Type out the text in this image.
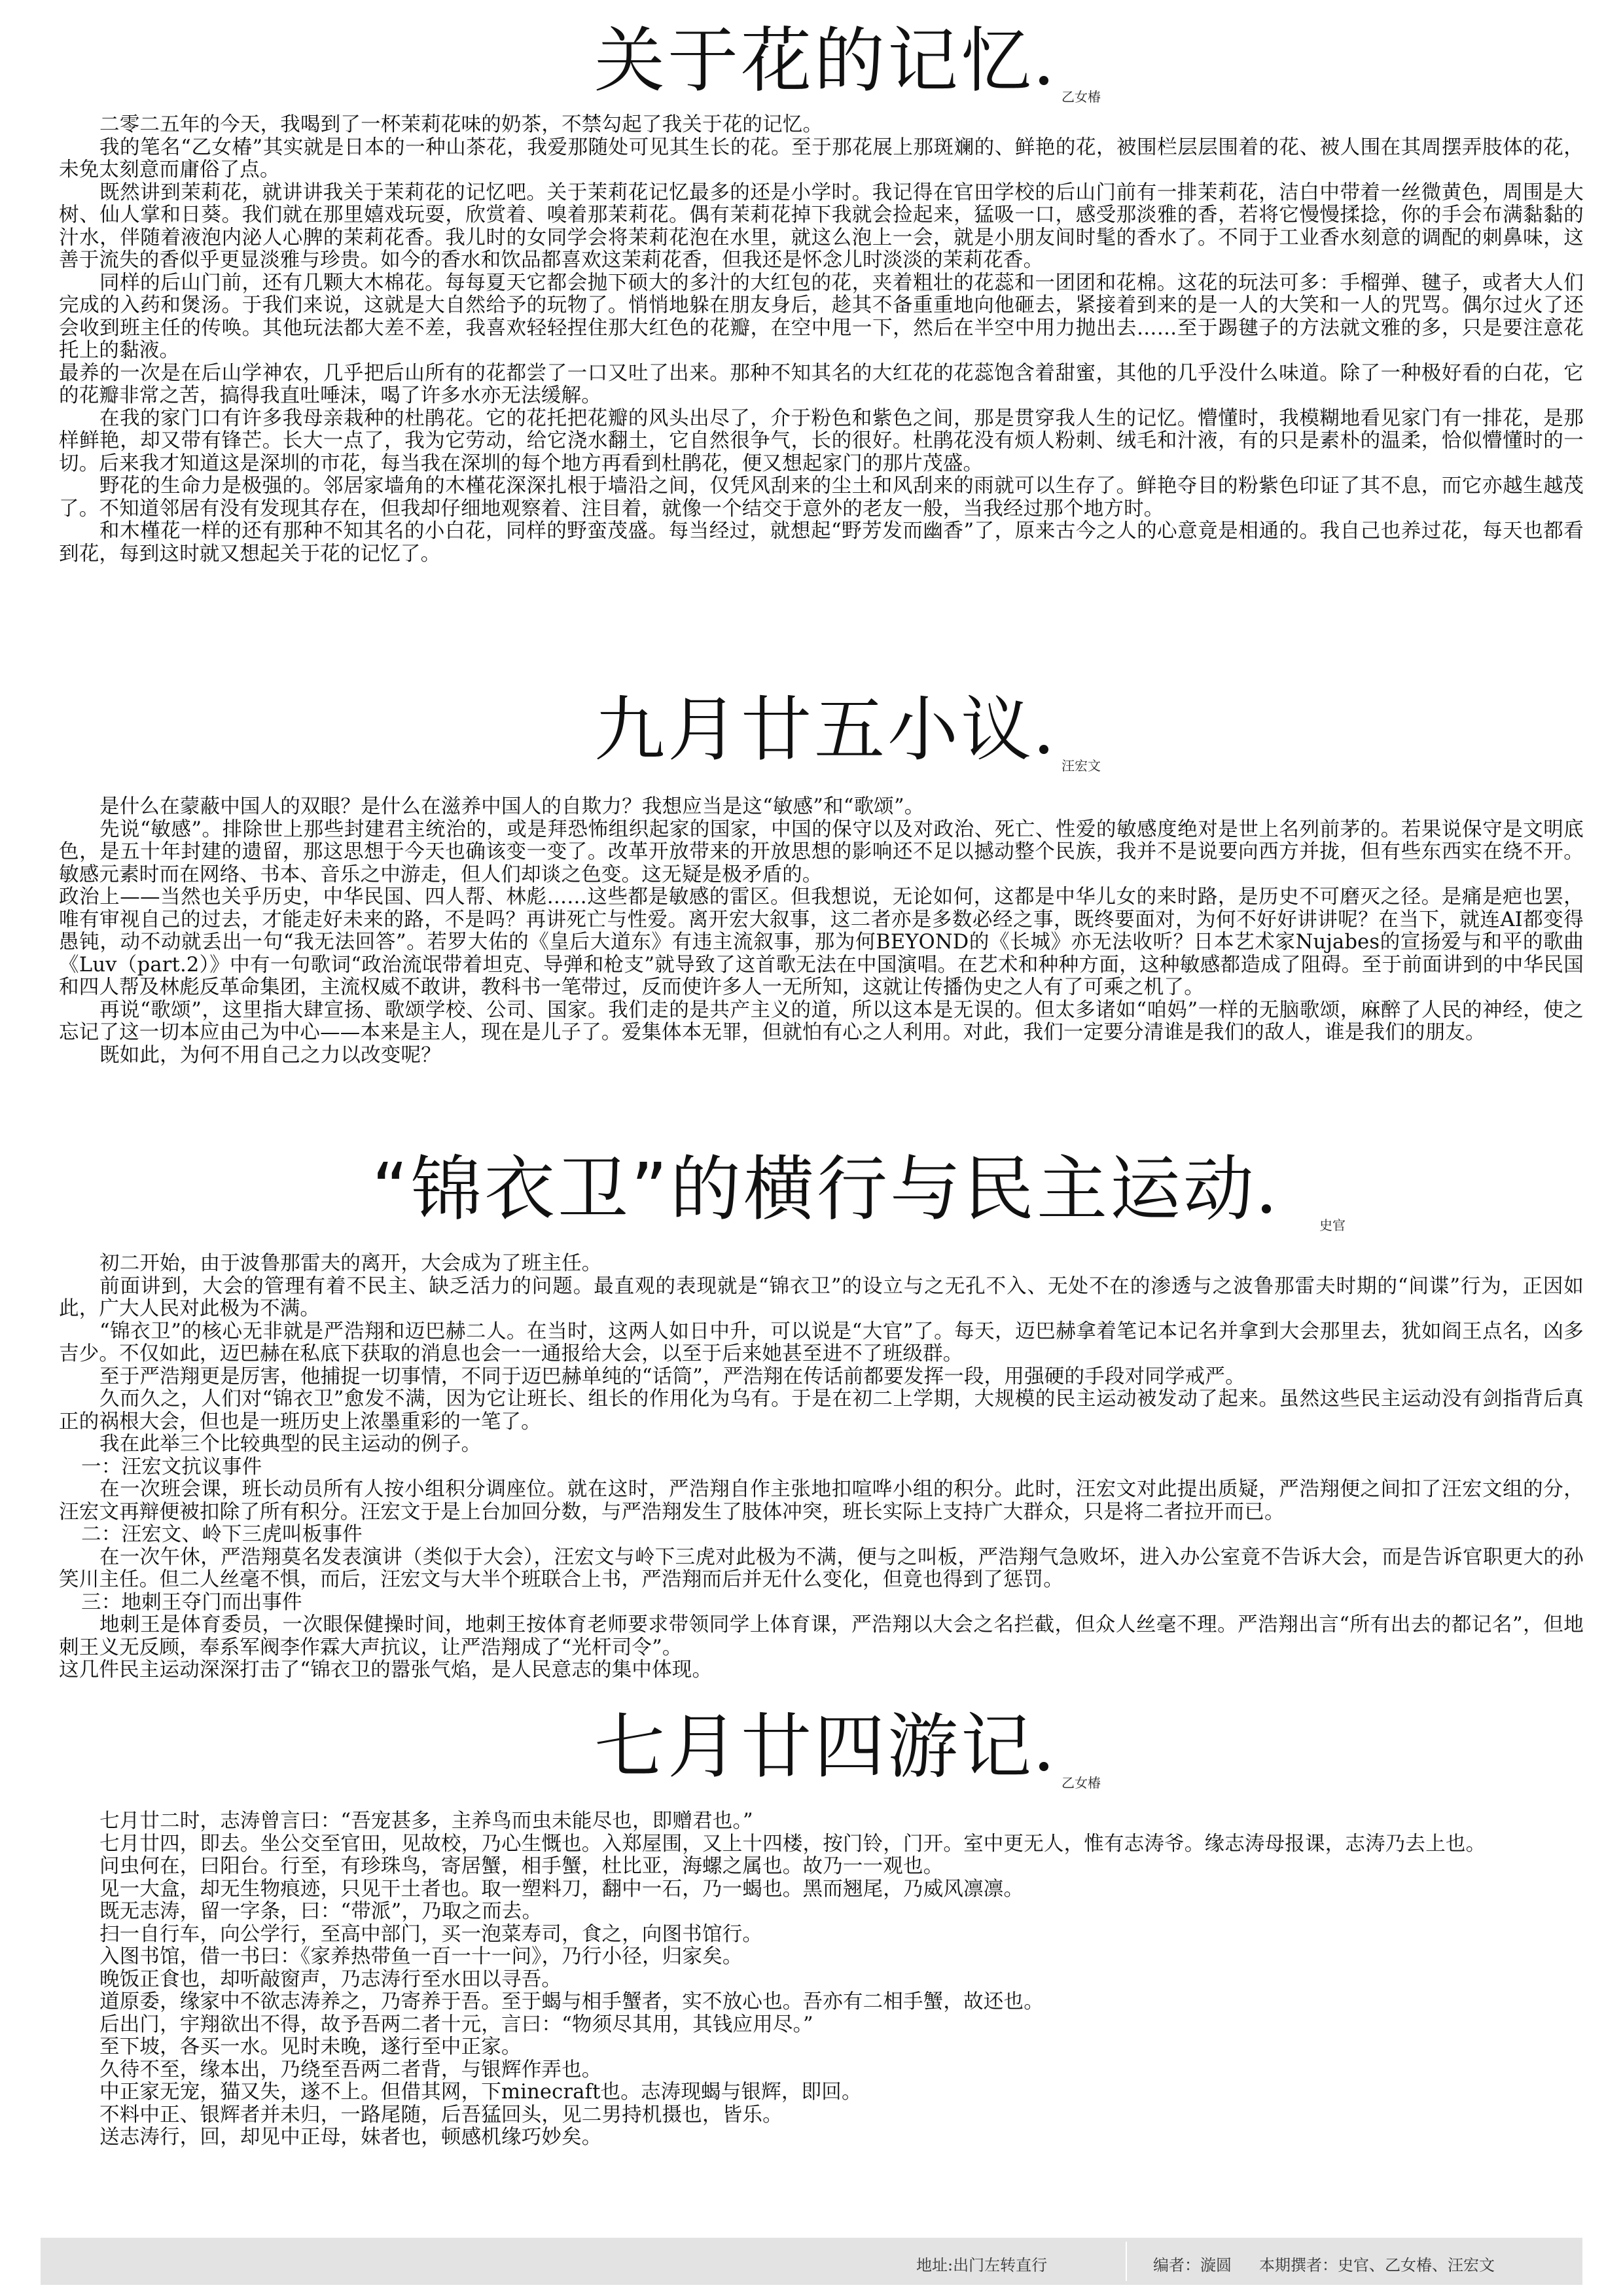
关于花的记忆 乙女椿

二零二五年的今天，我喝到了一杯茉莉花味的奶茶，不禁勾起了我关于花的记忆。

我的笔名“乙女椿”其实就是日本的一种山茶花，我爱那随处可见其生长的花。至于那花展上那斑斓的、鲜艳的花，被围栏层层围着的花、被人围在其周摆弄肢体的花，未免太刻意而庸俗了点。

既然讲到茉莉花，就讲讲我关于茉莉花的记忆吧。关于茉莉花记忆最多的还是小学时。我记得在官田学校的后山门前有一排茉莉花，洁白中带着一丝微黄色，周围是大树、仙人掌和日葵。我们就在那里嬉戏玩耍，欣赏着、嗅着那茉莉花。偶有茉莉花掉下我就会捡起来，猛吸一口，感受那淡雅的香，若将它慢慢揉捻，你的手会布满黏黏的汁水，伴随着液泡内泌人心脾的茉莉花香。我儿时的女同学会将茉莉花泡在水里，就这么泡上一会，就是小朋友间时髦的香水了。不同于工业香水刻意的调配的刺鼻味，这善于流失的香似乎更显淡雅与珍贵。如今的香水和饮品都喜欢这茉莉花香，但我还是怀念儿时淡淡的茉莉花香。

同样的后山门前，还有几颗大木棉花。每每夏天它都会抛下硕大的多汁的大红包的花，夹着粗壮的花蕊和一团团和花棉。这花的玩法可多：手榴弹、毽子，或者大人们完成的入药和煲汤。于我们来说，这就是大自然给予的玩物了。悄悄地躲在朋友身后，趁其不备重重地向他砸去，紧接着到来的是一人的大笑和一人的咒骂。偶尔过火了还会收到班主任的传唤。其他玩法都大差不差，我喜欢轻轻捏住那大红色的花瓣，在空中甩一下，然后在半空中用力抛出去……至于踢毽子的方法就文雅的多，只是要注意花托上的黏液。

最养的一次是在后山学神农，几乎把后山所有的花都尝了一口又吐了出来。那种不知其名的大红花的花蕊饱含着甜蜜，其他的几乎没什么味道。除了一种极好看的白花，它的花瓣非常之苦，搞得我直吐唾沫，喝了许多水亦无法缓解。

在我的家门口有许多我母亲栽种的杜鹃花。它的花托把花瓣的风头出尽了，介于粉色和紫色之间，那是贯穿我人生的记忆。懵懂时，我模糊地看见家门有一排花，是那样鲜艳，却又带有锋芒。长大一点了，我为它劳动，给它浇水翻土，它自然很争气，长的很好。杜鹃花没有烦人粉刺、绒毛和汁液，有的只是素朴的温柔，恰似懵懂时的一切。后来我才知道这是深圳的市花，每当我在深圳的每个地方再看到杜鹃花，便又想起家门的那片茂盛。

野花的生命力是极强的。邻居家墙角的木槿花深深扎根于墙沿之间，仅凭风刮来的尘土和风刮来的雨就可以生存了。鲜艳夺目的粉紫色印证了其不息，而它亦越生越茂了。不知道邻居有没有发现其存在，但我却仔细地观察着、注目着，就像一个结交于意外的老友一般，当我经过那个地方时。

和木槿花一样的还有那种不知其名的小白花，同样的野蛮茂盛。每当经过，就想起“野芳发而幽香”了，原来古今之人的心意竟是相通的。我自己也养过花，每天也都看到花，每到这时就又想起关于花的记忆了。

九月廿五小议 汪宏文

是什么在蒙蔽中国人的双眼？是什么在滋养中国人的自欺力？我想应当是这“敏感”和“歌颂”。

先说“敏感”。排除世上那些封建君主统治的，或是拜恐怖组织起家的国家，中国的保守以及对政治、死亡、性爱的敏感度绝对是世上名列前茅的。若果说保守是文明底色，是五十年封建的遗留，那这思想于今天也确该变一变了。改革开放带来的开放思想的影响还不足以撼动整个民族，我并不是说要向西方并拢，但有些东西实在绕不开。敏感元素时而在网络、书本、音乐之中游走，但人们却谈之色变。这无疑是极矛盾的。

政治上——当然也关乎历史，中华民国、四人帮、林彪……这些都是敏感的雷区。但我想说，无论如何，这都是中华儿女的来时路，是历史不可磨灭之径。是痛是疤也罢，唯有审视自己的过去，才能走好未来的路，不是吗？再讲死亡与性爱。离开宏大叙事，这二者亦是多数必经之事，既终要面对，为何不好好讲讲呢？在当下，就连AI都变得愚钝，动不动就丢出一句“我无法回答”。若罗大佑的《皇后大道东》有违主流叙事，那为何BEYOND的《长城》亦无法收听？日本艺术家Nujabes的宣扬爱与和平的歌曲《Luv（part.2）》中有一句歌词“政治流氓带着坦克、导弹和枪支”就导致了这首歌无法在中国演唱。在艺术和种种方面，这种敏感都造成了阻碍。至于前面讲到的中华民国和四人帮及林彪反革命集团，主流权威不敢讲，教科书一笔带过，反而使许多人一无所知，这就让传播伪史之人有了可乘之机了。

再说“歌颂”，这里指大肆宣扬、歌颂学校、公司、国家。我们走的是共产主义的道，所以这本是无误的。但太多诸如“咱妈”一样的无脑歌颂，麻醉了人民的神经，使之忘记了这一切本应由己为中心——本来是主人，现在是儿子了。爱集体本无罪，但就怕有心之人利用。对此，我们一定要分清谁是我们的敌人，谁是我们的朋友。

既如此，为何不用自己之力以改变呢？

“锦衣卫”的横行与民主运动	史官

初二开始，由于波鲁那雷夫的离开，大会成为了班主任。

前面讲到，大会的管理有着不民主、缺乏活力的问题。最直观的表现就是“锦衣卫”的设立与之无孔不入、无处不在的渗透与之波鲁那雷夫时期的“间谍”行为，正因如此，广大人民对此极为不满。

“锦衣卫”的核心无非就是严浩翔和迈巴赫二人。在当时，这两人如日中升，可以说是“大官”了。每天，迈巴赫拿着笔记本记名并拿到大会那里去，犹如阎王点名，凶多吉少。不仅如此，迈巴赫在私底下获取的消息也会一一通报给大会，以至于后来她甚至进不了班级群。

至于严浩翔更是厉害，他捕捉一切事情，不同于迈巴赫单纯的“话筒”，严浩翔在传话前都要发挥一段，用强硬的手段对同学戒严。

久而久之，人们对“锦衣卫”愈发不满，因为它让班长、组长的作用化为乌有。于是在初二上学期，大规模的民主运动被发动了起来。虽然这些民主运动没有剑指背后真正的祸根大会，但也是一班历史上浓墨重彩的一笔了。

我在此举三个比较典型的民主运动的例子。

一：汪宏文抗议事件

在一次班会课，班长动员所有人按小组积分调座位。就在这时，严浩翔自作主张地扣喧哗小组的积分。此时，汪宏文对此提出质疑，严浩翔便之间扣了汪宏文组的分，汪宏文再辩便被扣除了所有积分。汪宏文于是上台加回分数，与严浩翔发生了肢体冲突，班长实际上支持广大群众，只是将二者拉开而已。

二：汪宏文、岭下三虎叫板事件

在一次午休，严浩翔莫名发表演讲（类似于大会），汪宏文与岭下三虎对此极为不满，便与之叫板，严浩翔气急败坏，进入办公室竟不告诉大会，而是告诉官职更大的孙笑川主任。但二人丝毫不惧，而后，汪宏文与大半个班联合上书，严浩翔而后并无什么变化，但竟也得到了惩罚。

三：地刺王夺门而出事件

地刺王是体育委员，一次眼保健操时间，地刺王按体育老师要求带领同学上体育课，严浩翔以大会之名拦截，但众人丝毫不理。严浩翔出言“所有出去的都记名”，但地刺王义无反顾，奉系军阀李作霖大声抗议，让严浩翔成了“光杆司令”。

这几件民主运动深深打击了“锦衣卫的嚣张气焰，是人民意志的集中体现。

七月廿四游记 乙女椿

七月廿二时，志涛曾言曰：“吾宠甚多，主养鸟而虫未能尽也，即赠君也。”

七月廿四，即去。坐公交至官田，见故校，乃心生慨也。入郑屋围，又上十四楼，按门铃，门开。室中更无人，惟有志涛爷。缘志涛母报课，志涛乃去上也。

问虫何在，曰阳台。行至，有珍珠鸟，寄居蟹，相手蟹，杜比亚，海螺之属也。故乃一一观也。

见一大盒，却无生物痕迹，只见干土者也。取一塑料刀，翻中一石，乃一蝎也。黑而翘尾，乃威风凛凛。

既无志涛，留一字条，曰：“带派”，乃取之而去。

扫一自行车，向公学行，至高中部门，买一泡菜寿司，食之，向图书馆行。

入图书馆，借一书曰：《家养热带鱼一百一十一问》，乃行小径，归家矣。

晚饭正食也，却听敲窗声，乃志涛行至水田以寻吾。

道原委，缘家中不欲志涛养之，乃寄养于吾。至于蝎与相手蟹者，实不放心也。吾亦有二相手蟹，故还也。

后出门，宇翔欲出不得，故予吾两二者十元，言曰：“物须尽其用，其钱应用尽。”

至下坡，各买一水。见时未晚，遂行至中正家。

久待不至，缘本出，乃绕至吾两二者背，与银辉作弄也。

中正家无宠，猫又失，遂不上。但借其网，下minecraft也。志涛现蝎与银辉，即回。

不料中正、银辉者并未归，一路尾随，后吾猛回头，见二男持机摄也，皆乐。

送志涛行，回，却见中正母，妹者也，顿感机缘巧妙矣。

地址:出门左转直行	编者：漩圆 本期撰者：史官、乙女椿、汪宏文
